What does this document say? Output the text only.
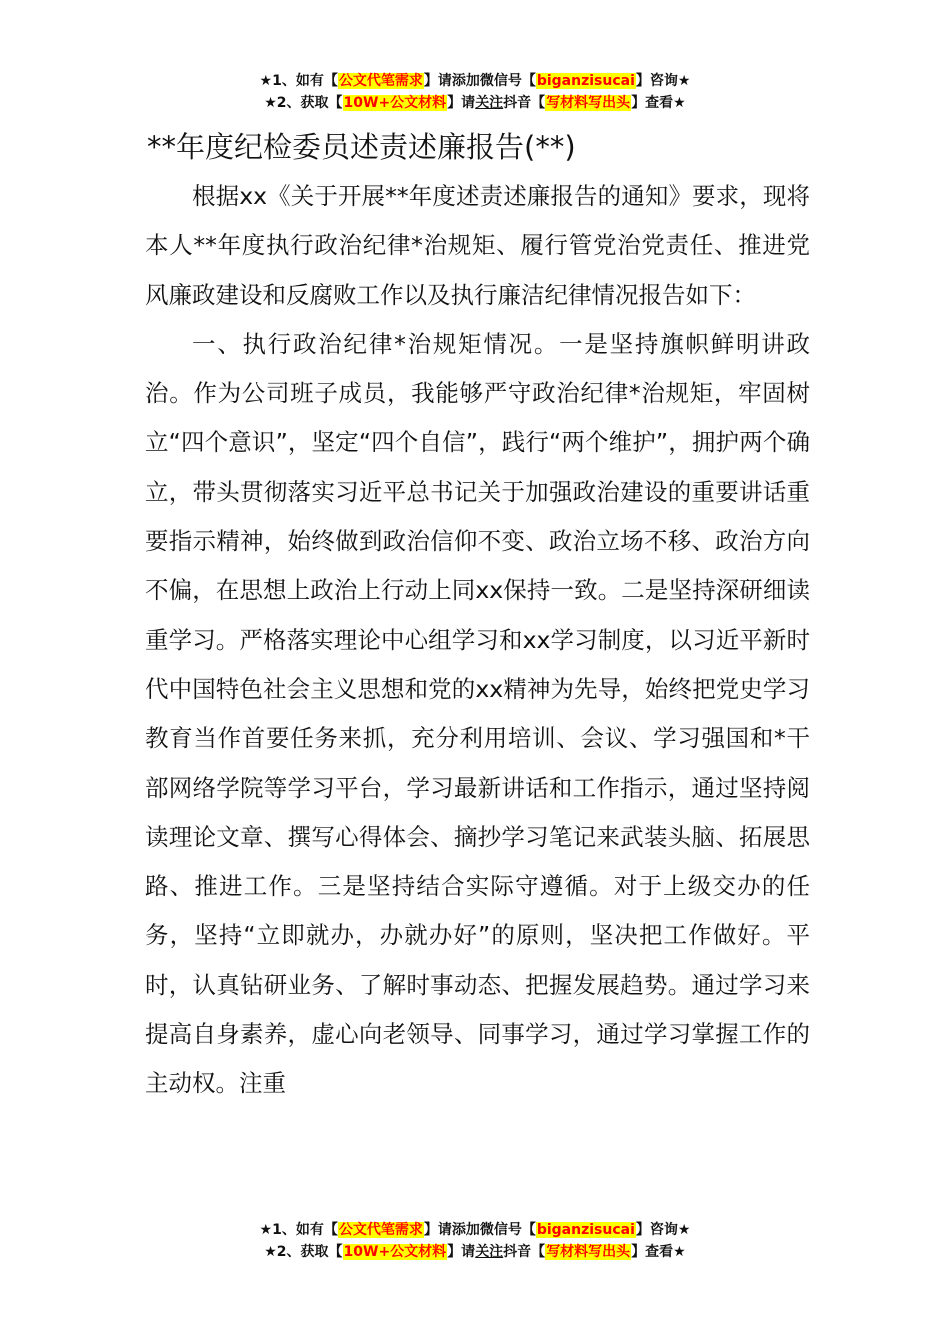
★1、如有【公文代笔需求】请添加微信号【biganzisucai】咨询★
★2、获取【10W+公文材料】请关注抖音【写材料写出头】查看★
**年度纪检委员述责述廉报告(**)

根据xx《关于开展**年度述责述廉报告的通知》要求，现将本人**年度执行政治纪律*治规矩、履行管党治党责任、推进党风廉政建设和反腐败工作以及执行廉洁纪律情况报告如下：

一、执行政治纪律*治规矩情况。一是坚持旗帜鲜明讲政治。作为公司班子成员，我能够严守政治纪律*治规矩，牢固树立“四个意识”，坚定“四个自信”，践行“两个维护”，拥护两个确立，带头贯彻落实习近平总书记关于加强政治建设的重要讲话重要指示精神，始终做到政治信仰不变、政治立场不移、政治方向不偏，在思想上政治上行动上同xx保持一致。二是坚持深研细读重学习。严格落实理论中心组学习和xx学习制度，以习近平新时代中国特色社会主义思想和党的xx精神为先导，始终把党史学习教育当作首要任务来抓，充分利用培训、会议、学习强国和*干部网络学院等学习平台，学习最新讲话和工作指示，通过坚持阅读理论文章、撰写心得体会、摘抄学习笔记来武装头脑、拓展思路、推进工作。三是坚持结合实际守遵循。对于上级交办的任务，坚持“立即就办，办就办好”的原则，坚决把工作做好。平时，认真钻研业务、了解时事动态、把握发展趋势。通过学习来提高自身素养，虚心向老领导、同事学习，通过学习掌握工作的主动权。注重

★1、如有【公文代笔需求】请添加微信号【biganzisucai】咨询★
★2、获取【10W+公文材料】请关注抖音【写材料写出头】查看★
